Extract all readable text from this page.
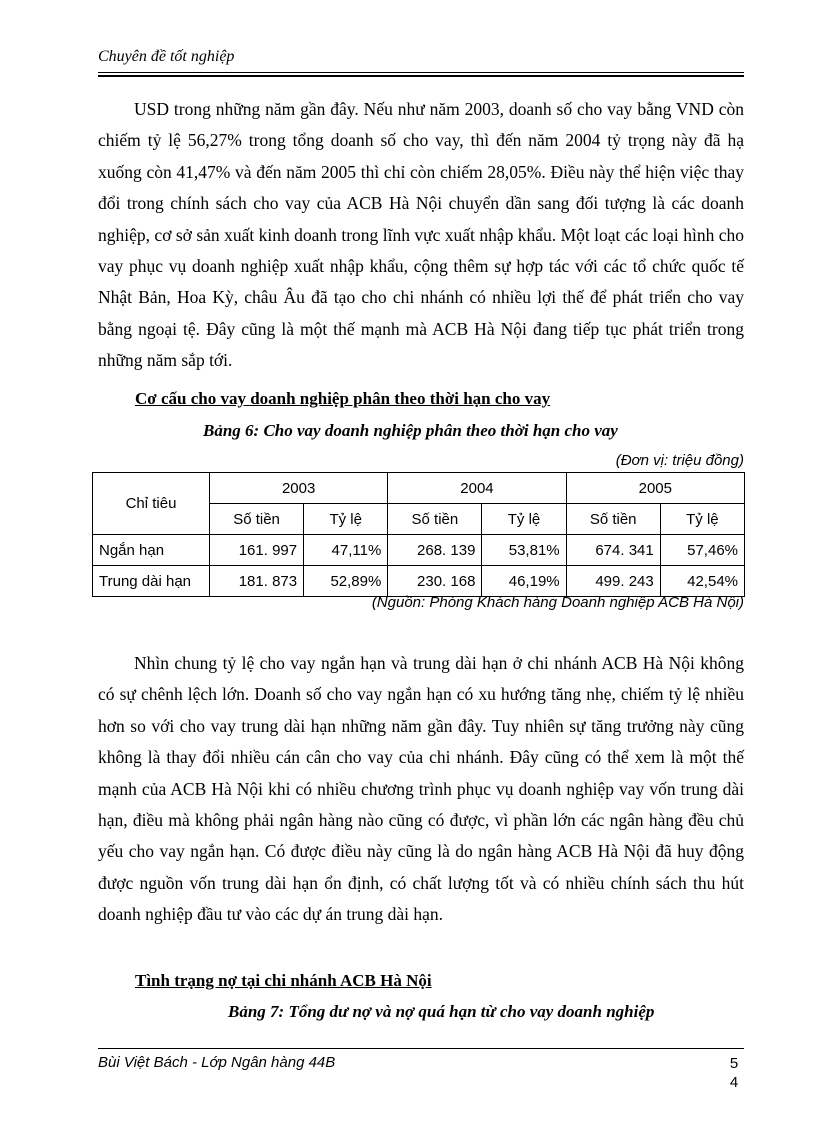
Chuyên đề tốt nghiệp

USD trong những năm gần đây. Nếu như năm 2003, doanh số cho vay bằng VND còn chiếm tỷ lệ 56,27% trong tổng doanh số cho vay, thì đến năm 2004 tỷ trọng này đã hạ xuống còn 41,47% và đến năm 2005 thì chỉ còn chiếm 28,05%. Điều này thể hiện việc thay đổi trong chính sách cho vay của ACB Hà Nội chuyển dần sang đối tượng là các doanh nghiệp, cơ sở sản xuất kinh doanh trong lĩnh vực xuất nhập khẩu. Một loạt các loại hình cho vay phục vụ doanh nghiệp xuất nhập khẩu, cộng thêm sự hợp tác với các tổ chức quốc tế Nhật Bản, Hoa Kỳ, châu Âu đã tạo cho chi nhánh có nhiều lợi thế để phát triển cho vay bằng ngoại tệ. Đây cũng là một thế mạnh mà ACB Hà Nội đang tiếp tục phát triển trong những năm sắp tới.

Cơ cấu cho vay doanh nghiệp phân theo thời hạn cho vay

Bảng 6: Cho vay doanh nghiệp phân theo thời hạn cho vay

(Đơn vị: triệu đồng)
Chỉ tiêu	2003		2004		2005	
	Số tiền	Tỷ lệ	Số tiền	Tỷ lệ	Số tiền	Tỷ lệ
Ngắn hạn	161. 997	47,11%	268. 139	53,81%	674. 341	57,46%
Trung dài hạn	181. 873	52,89%	230. 168	46,19%	499. 243	42,54%
(Nguồn: Phòng Khách hàng Doanh nghiệp ACB Hà Nội)

Nhìn chung tỷ lệ cho vay ngắn hạn và trung dài hạn ở chi nhánh ACB Hà Nội không có sự chênh lệch lớn. Doanh số cho vay ngắn hạn có xu hướng tăng nhẹ, chiếm tỷ lệ nhiều hơn so với cho vay trung dài hạn những năm gần đây. Tuy nhiên sự tăng trưởng này cũng không là thay đổi nhiều cán cân cho vay của chi nhánh. Đây cũng có thể xem là một thế mạnh của ACB Hà Nội khi có nhiều chương trình phục vụ doanh nghiệp vay vốn trung dài hạn, điều mà không phải ngân hàng nào cũng có được, vì phần lớn các ngân hàng đều chủ yếu cho vay ngắn hạn. Có được điều này cũng là do ngân hàng ACB Hà Nội đã huy động được nguồn vốn trung dài hạn ổn định, có chất lượng tốt và có nhiều chính sách thu hút doanh nghiệp đầu tư vào các dự án trung dài hạn.

Tình trạng nợ tại chi nhánh ACB Hà Nội

Bảng 7: Tổng dư nợ và nợ quá hạn từ cho vay doanh nghiệp

Bùi Việt Bách - Lớp Ngân hàng 44B	5
4
